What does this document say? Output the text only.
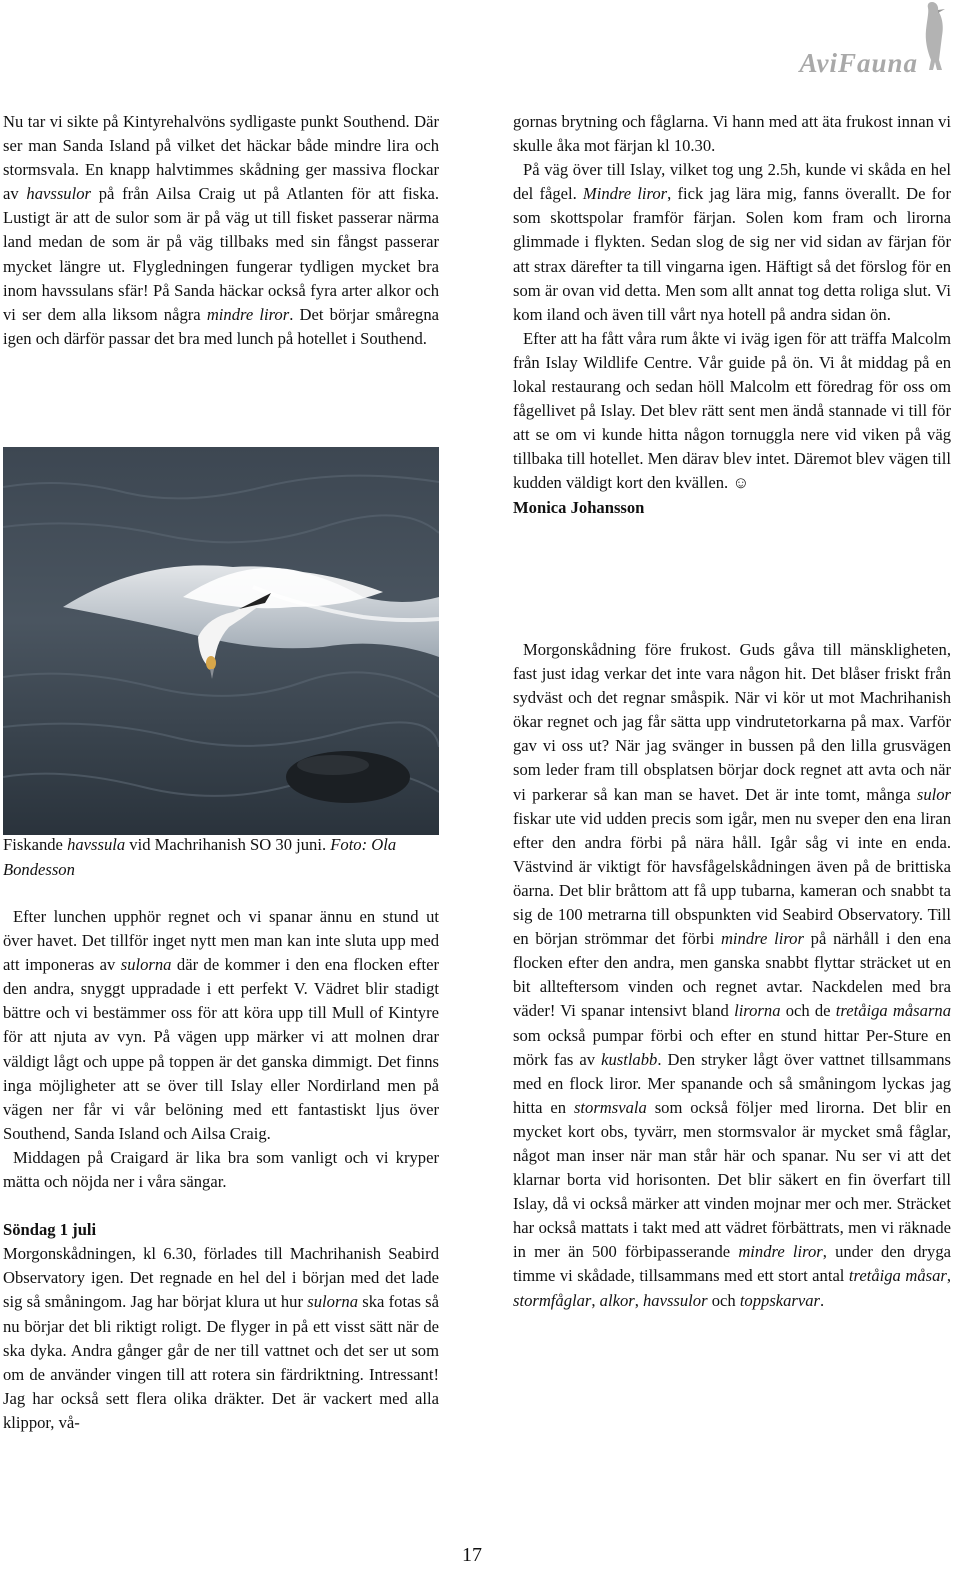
AviFauna

Nu tar vi sikte på Kintyrehalvöns sydligaste punkt Southend. Där ser man Sanda Island på vilket det häckar både mindre lira och stormsvala. En knapp halvtimmes skådning ger massiva flockar av havssulor på från Ailsa Craig ut på Atlanten för att fiska. Lustigt är att de sulor som är på väg ut till fisket passerar närma land medan de som är på väg tillbaks med sin fångst passerar mycket längre ut. Flygledningen fungerar tydligen mycket bra inom havssulans sfär! På Sanda häckar också fyra arter alkor och vi ser dem alla liksom några mindre liror. Det börjar småregna igen och därför passar det bra med lunch på hotellet i Southend.

Fiskande havssula vid Machrihanish SO 30 juni. Foto: Ola Bondesson

Efter lunchen upphör regnet och vi spanar ännu en stund ut över havet. Det tillför inget nytt men man kan inte sluta upp med att imponeras av sulorna där de kommer i den ena flocken efter den andra, snyggt uppradade i ett perfekt V. Vädret blir stadigt bättre och vi bestämmer oss för att köra upp till Mull of Kintyre för att njuta av vyn. På vägen upp märker vi att molnen drar väldigt lågt och uppe på toppen är det ganska dimmigt. Det finns inga möjligheter att se över till Islay eller Nordirland men på vägen ner får vi vår belöning med ett fantastiskt ljus över Southend, Sanda Island och Ailsa Craig.

Middagen på Craigard är lika bra som vanligt och vi kryper mätta och nöjda ner i våra sängar.

Söndag 1 juli

Morgonskådningen, kl 6.30, förlades till Machrihanish Seabird Observatory igen. Det regnade en hel del i början med det lade sig så småningom. Jag har börjat klura ut hur sulorna ska fotas så nu börjar det bli riktigt roligt. De flyger in på ett visst sätt när de ska dyka. Andra gånger går de ner till vattnet och det ser ut som om de använder vingen till att rotera sin färdriktning. Intressant! Jag har också sett flera olika dräkter. Det är vackert med alla klippor, vå-

gornas brytning och fåglarna. Vi hann med att äta frukost innan vi skulle åka mot färjan kl 10.30.

På väg över till Islay, vilket tog ung 2.5h, kunde vi skåda en hel del fågel. Mindre liror, fick jag lära mig, fanns överallt. De for som skottspolar framför färjan. Solen kom fram och lirorna glimmade i flykten. Sedan slog de sig ner vid sidan av färjan för att strax därefter ta till vingarna igen. Häftigt så det förslog för en som är ovan vid detta. Men som allt annat tog detta roliga slut. Vi kom iland och även till vårt nya hotell på andra sidan ön.

Efter att ha fått våra rum åkte vi iväg igen för att träffa Malcolm från Islay Wildlife Centre. Vår guide på ön. Vi åt middag på en lokal restaurang och sedan höll Malcolm ett föredrag för oss om fågellivet på Islay. Det blev rätt sent men ändå stannade vi till för att se om vi kunde hitta någon tornuggla nere vid viken på väg tillbaka till hotellet. Men därav blev intet. Däremot blev vägen till kudden väldigt kort den kvällen. ☺

Monica Johansson

Morgonskådning före frukost. Guds gåva till mänskligheten, fast just idag verkar det inte vara någon hit. Det blåser friskt från sydväst och det regnar småspik. När vi kör ut mot Machrihanish ökar regnet och jag får sätta upp vindrutetorkarna på max. Varför gav vi oss ut? När jag svänger in bussen på den lilla grusvägen som leder fram till obsplatsen börjar dock regnet att avta och när vi parkerar så kan man se havet. Det är inte tomt, många sulor fiskar ute vid udden precis som igår, men nu sveper den ena liran efter den andra förbi på nära håll. Igår såg vi inte en enda. Västvind är viktigt för havsfågelskådningen även på de brittiska öarna. Det blir bråttom att få upp tubarna, kameran och snabbt ta sig de 100 metrarna till obspunkten vid Seabird Observatory. Till en början strömmar det förbi mindre liror på närhåll i den ena flocken efter den andra, men ganska snabbt flyttar sträcket ut en bit allteftersom vinden och regnet avtar. Nackdelen med bra väder! Vi spanar intensivt bland lirorna och de tretåiga måsarna som också pumpar förbi och efter en stund hittar Per-Sture en mörk fas av kustlabb. Den stryker lågt över vattnet tillsammans med en flock liror. Mer spanande och så småningom lyckas jag hitta en stormsvala som också följer med lirorna. Det blir en mycket kort obs, tyvärr, men stormsvalor är mycket små fåglar, något man inser när man står här och spanar. Nu ser vi att det klarnar borta vid horisonten. Det blir säkert en fin överfart till Islay, då vi också märker att vinden mojnar mer och mer. Sträcket har också mattats i takt med att vädret förbättrats, men vi räknade in mer än 500 förbipasserande mindre liror, under den dryga timme vi skådade, tillsammans med ett stort antal tretåiga måsar, stormfåglar, alkor, havssulor och toppskarvar.

17
